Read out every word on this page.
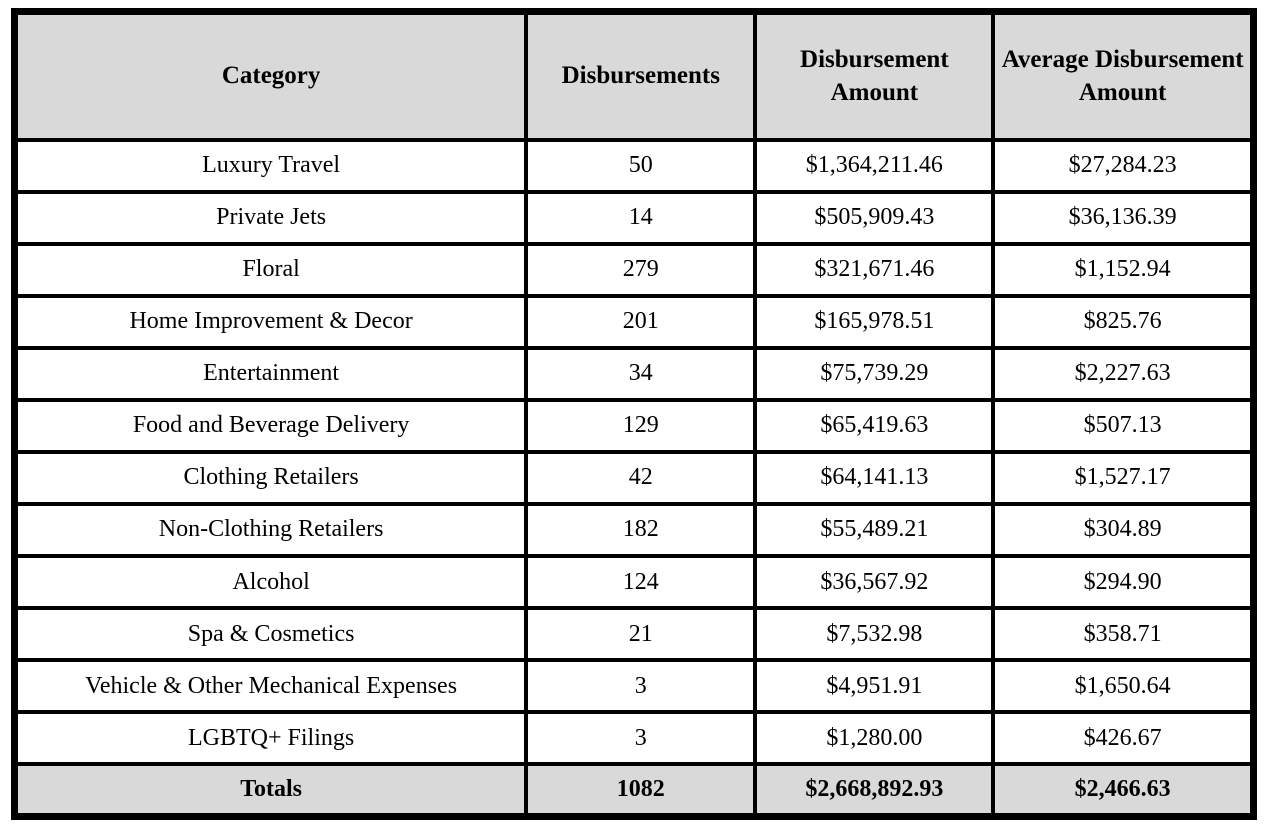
Category	Disbursements	Disbursement Amount	Average Disbursement Amount
Luxury Travel	50	$1,364,211.46	$27,284.23
Private Jets	14	$505,909.43	$36,136.39
Floral	279	$321,671.46	$1,152.94
Home Improvement & Decor	201	$165,978.51	$825.76
Entertainment	34	$75,739.29	$2,227.63
Food and Beverage Delivery	129	$65,419.63	$507.13
Clothing Retailers	42	$64,141.13	$1,527.17
Non-Clothing Retailers	182	$55,489.21	$304.89
Alcohol	124	$36,567.92	$294.90
Spa & Cosmetics	21	$7,532.98	$358.71
Vehicle & Other Mechanical Expenses	3	$4,951.91	$1,650.64
LGBTQ+ Filings	3	$1,280.00	$426.67
Totals	1082	$2,668,892.93	$2,466.63
